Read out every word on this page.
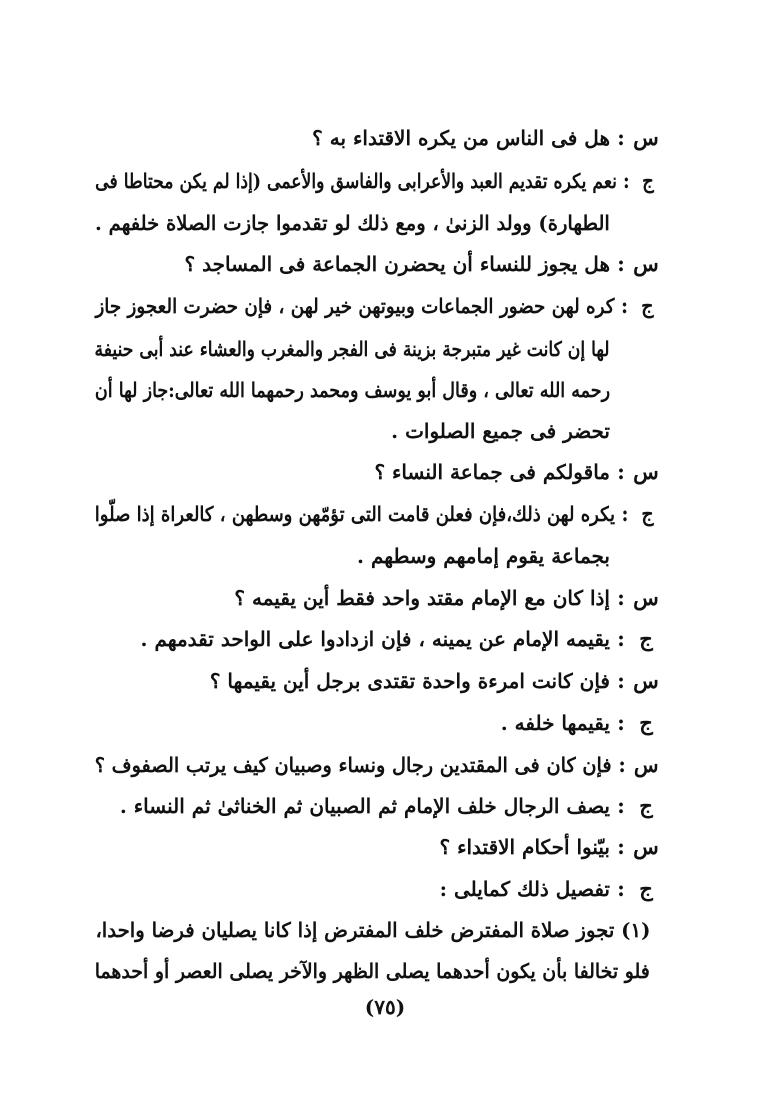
س
:
هل فى الناس من يكره الاقتداء به ؟
ج
:
نعم يكره تقديم العبد والأعرابى والفاسق والأعمى (إذا لم يكن محتاطا فى
الطهارة) وولد الزنىٰ ، ومع ذلك لو تقدموا جازت الصلاة خلفهم .
س
:
هل يجوز للنساء أن يحضرن الجماعة فى المساجد ؟
ج
:
كره لهن حضور الجماعات وبيوتهن خير لهن ، فإن حضرت العجوز جاز
لها إن كانت غير متبرجة بزينة فى الفجر والمغرب والعشاء عند أبى حنيفة
رحمه الله تعالى ، وقال أبو يوسف ومحمد رحمهما الله تعالى:جاز لها أن
تحضر فى جميع الصلوات .
س
:
ماقولكم فى جماعة النساء ؟
ج
:
يكره لهن ذلك،فإن فعلن قامت التى تؤمّهن وسطهن ، كالعراة إذا صلّوا
بجماعة يقوم إمامهم وسطهم .
س
:
إذا كان مع الإمام مقتد واحد فقط أين يقيمه ؟
ج
:
يقيمه الإمام عن يمينه ، فإن ازدادوا على الواحد تقدمهم .
س
:
فإن كانت امرءة واحدة تقتدى برجل أين يقيمها ؟
ج
:
يقيمها خلفه .
س
:
فإن كان فى المقتدين رجال ونساء وصبيان كيف يرتب الصفوف ؟
ج
:
يصف الرجال خلف الإمام ثم الصبيان ثم الخناثىٰ ثم النساء .
س
:
بيّنوا أحكام الاقتداء ؟
ج
:
تفصيل ذلك كمايلى :
(١) تجوز صلاة المفترض خلف المفترض إذا كانا يصليان فرضا واحدا،
فلو تخالفا بأن يكون أحدهما يصلى الظهر والآخر يصلى العصر أو أحدهما
(٧٥)
